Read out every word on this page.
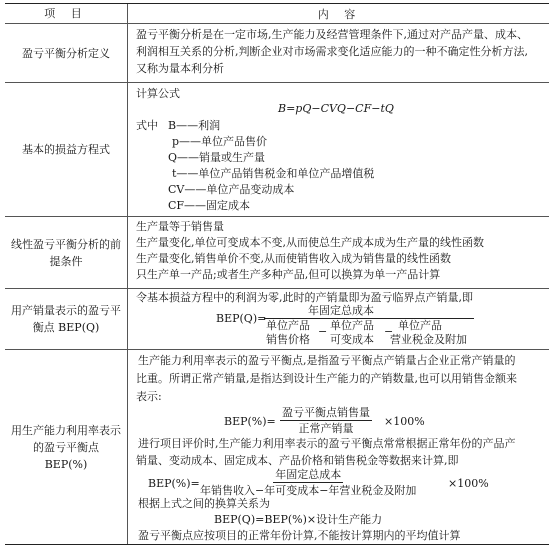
项 目	内 容
盈亏平衡分析定义
盈亏平衡分析是在一定市场,生产能力及经营管理条件下,通过对产品产量、成本、
利润相互关系的分析,判断企业对市场需求变化适应能力的一种不确定性分析方法,
又称为量本利分析
基本的损益方程式
计算公式
B=pQ−CVQ−CF−tQ
式中 B——利润
p——单位产品售价
Q——销量或生产量
t——单位产品销售税金和单位产品增值税
CV——单位产品变动成本
CF——固定成本
线性盈亏平衡分析的前提条件
生产量等于销售量
生产量变化,单位可变成本不变,从而使总生产成本成为生产量的线性函数
生产量变化,销售单价不变,从而使销售收入成为销售量的线性函数
只生产单一产品;或者生产多种产品,但可以换算为单一产品计算
用产销量表示的盈亏平衡点 BEP(Q)
令基本损益方程中的利润为零,此时的产销量即为盈亏临界点产销量,即
BEP(Q)=
年固定总成本
单位产品 − 单位产品 − 单位产品
销售价格 可变成本 营业税金及附加
用生产能力利用率表示的盈亏平衡点 BEP(%)
生产能力利用率表示的盈亏平衡点,是指盈亏平衡点产销量占企业正常产销量的
比重。所谓正常产销量,是指达到设计生产能力的产销数量,也可以用销售金额来
表示:
BEP(%)=
盈亏平衡点销售量
正常产销量
×100%
进行项目评价时,生产能力利用率表示的盈亏平衡点常常根据正常年份的产品产
销量、变动成本、固定成本、产品价格和销售税金等数据来计算,即
BEP(%)=
年固定总成本
年销售收入−年可变成本−年营业税金及附加
×100%
根据上式之间的换算关系为
BEP(Q)=BEP(%)×设计生产能力
盈亏平衡点应按项目的正常年份计算,不能按计算期内的平均值计算
